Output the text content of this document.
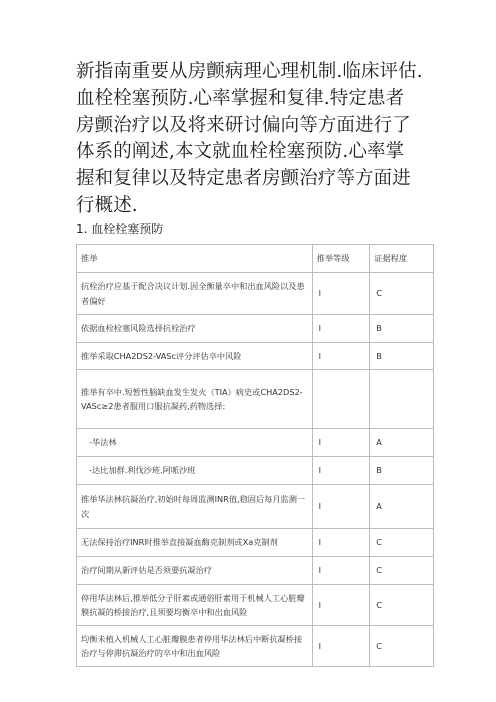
新指南重要从房颤病理心理机制.临床评估.
血栓栓塞预防.心率掌握和复律.特定患者
房颤治疗以及将来研讨偏向等方面进行了
体系的阐述,本文就血栓栓塞预防.心率掌
握和复律以及特定患者房颤治疗等方面进
行概述.
1. 血栓栓塞预防
推举	推举等级	证据程度
抗栓治疗应基于配合决议计划.因全衡量卒中和出血风险以及患者偏好	I	C
依据血栓栓塞风险选择抗栓治疗	I	B
推举采取CHA2DS2-VASc评分评估卒中风险	I	B
推举有卒中.短暂性脑缺血发生发火（TIA）病史或CHA2DS2-VASc≥2患者服用口服抗凝药,药物选择:		
-华法林	I	A
-达比加群.利伐沙班.阿哌沙班	I	B
推举华法林抗凝治疗,初始时每周监测INR值,稳固后每月监测一次	I	A
无法保持治疗INR时推举直接凝血酶克制剂或Xa克制剂	I	C
治疗间期从新评估是否须要抗凝治疗	I	C
停用华法林后,推举低分子肝素或通俗肝素用于机械人工心脏瓣膜抗凝的桥接治疗,且须要均衡卒中和出血风险	I	C
均衡未植入机械人工心脏瓣膜患者停用华法林后中断抗凝桥接治疗与停滞抗凝治疗的卒中和出血风险	I	C
